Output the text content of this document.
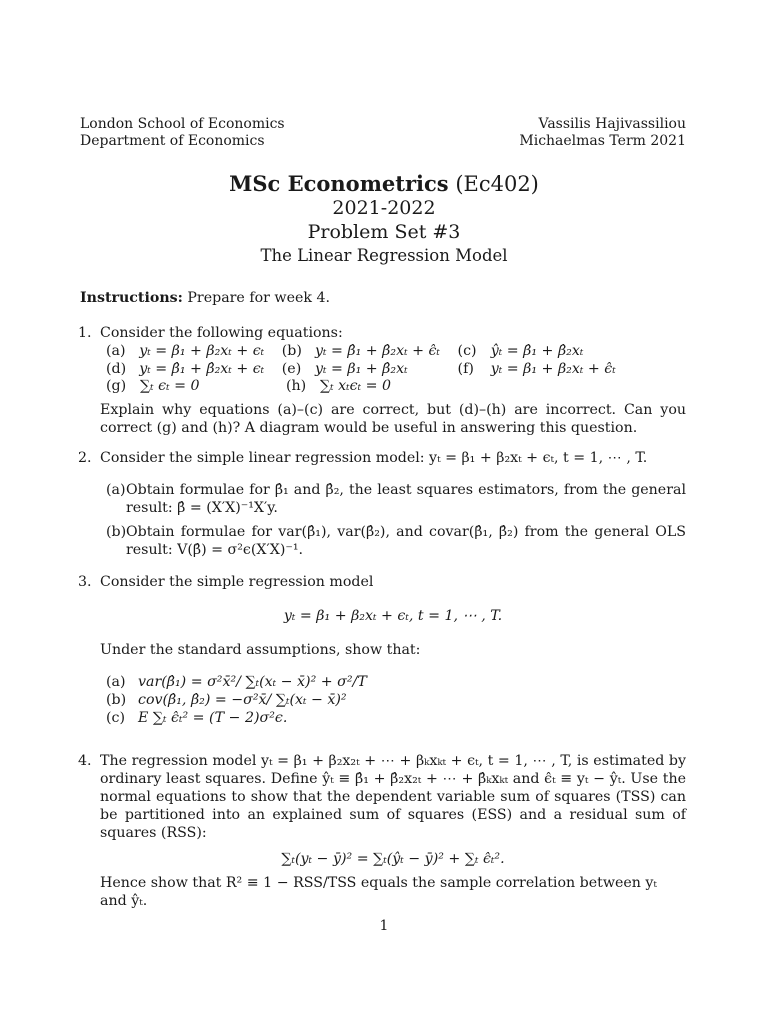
London School of Economics
Department of Economics
Vassilis Hajivassiliou
Michaelmas Term 2021
MSc Econometrics (Ec402)
2021-2022
Problem Set #3
The Linear Regression Model
Instructions: Prepare for week 4.
1. Consider the following equations:
(a) yₜ = β₁ + β₂xₜ + ϵₜ	(b) yₜ = β̂₁ + β̂₂xₜ + ϵ̂ₜ	(c) ŷₜ = β̂₁ + β̂₂xₜ
(d) yₜ = β̂₁ + β̂₂xₜ + ϵₜ	(e) yₜ = β₁ + β̂₂xₜ	(f)	yₜ = β₁ + β₂xₜ + ϵ̂ₜ
(g) ∑ₜ ϵₜ = 0	(h) ∑ₜ xₜϵₜ = 0
Explain why equations (a)–(c) are correct, but (d)–(h) are incorrect. Can you correct (g) and (h)? A diagram would be useful in answering this question.
2. Consider the simple linear regression model: yₜ = β₁ + β₂xₜ + ϵₜ, t = 1, ⋯ , T.
(a) Obtain formulae for β̂₁ and β̂₂, the least squares estimators, from the general result: β̂ = (X′X)⁻¹X′y.
(b) Obtain formulae for var(β̂₁), var(β̂₂), and covar(β̂₁, β̂₂) from the general OLS result: V(β̂) = σ²ϵ(X′X)⁻¹.
3. Consider the simple regression model
yₜ = β₁ + β₂xₜ + ϵₜ, t = 1, ⋯ , T.
Under the standard assumptions, show that:
(a) var(β̂₁) = σ²x̄²/ ∑ₜ(xₜ − x̄)² + σ²/T
(b) cov(β̂₁, β̂₂) = −σ²x̄/ ∑ₜ(xₜ − x̄)²
(c) E ∑ₜ ϵ̂ₜ² = (T − 2)σ²ϵ.
4. The regression model yₜ = β₁ + β₂x₂ₜ + ⋯ + βₖxₖₜ + ϵₜ, t = 1, ⋯ , T, is estimated by ordinary least squares. Define ŷₜ ≡ β̂₁ + β̂₂x₂ₜ + ⋯ + β̂ₖxₖₜ and ϵ̂ₜ ≡ yₜ − ŷₜ. Use the normal equations to show that the dependent variable sum of squares (TSS) can be partitioned into an explained sum of squares (ESS) and a residual sum of squares (RSS):
∑ₜ(yₜ − ȳ)² = ∑ₜ(ŷₜ − ȳ)² + ∑ₜ ϵ̂ₜ².
Hence show that R² ≡ 1 − RSS/TSS equals the sample correlation between yₜ and ŷₜ.
1
